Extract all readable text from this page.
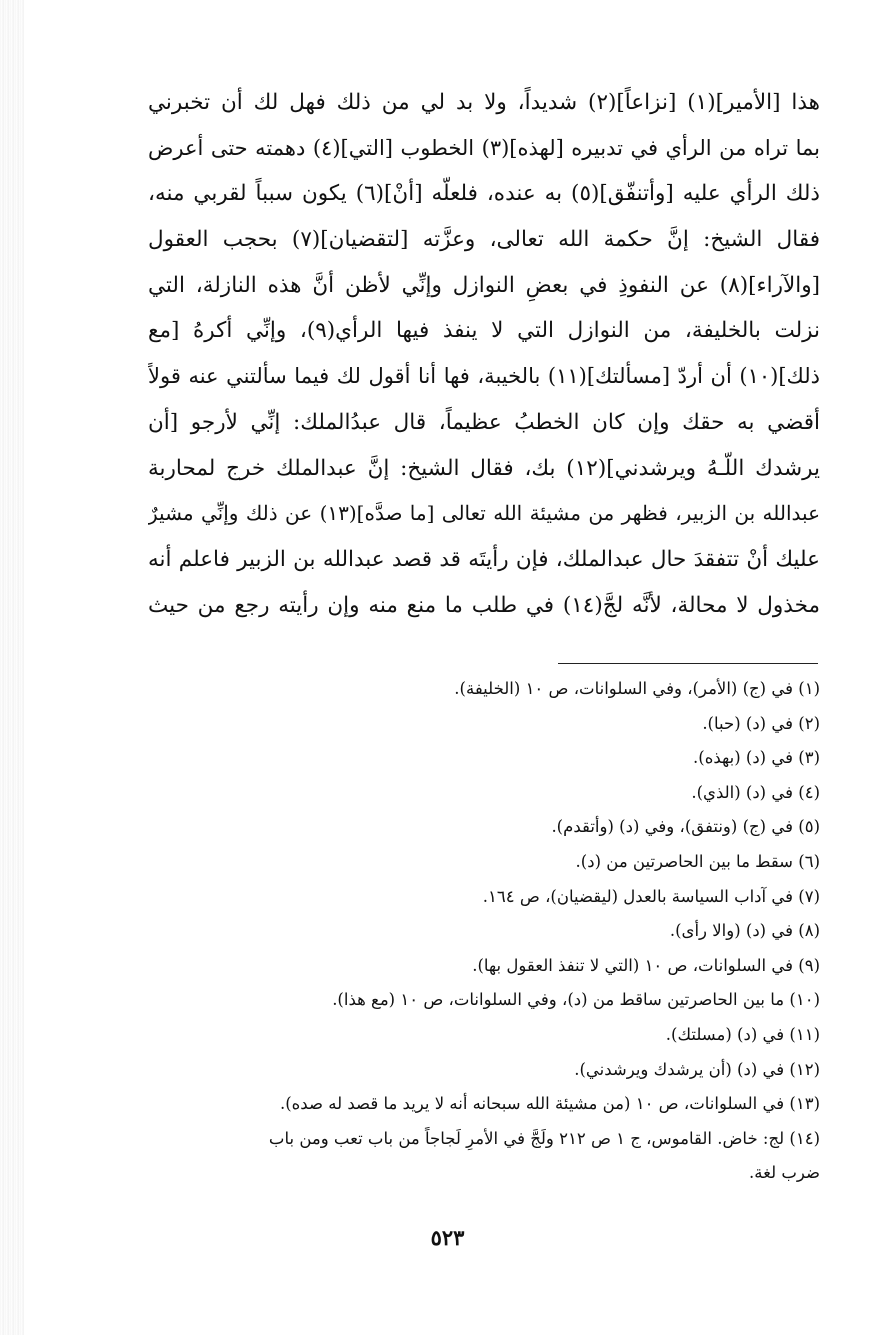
هذا [الأمير](١) [نزاعاً](٢) شديداً، ولا بد لي من ذلك فهل لك أن تخبرني
بما تراه من الرأي في تدبيره [لهذه](٣) الخطوب [التي](٤) دهمته حتى أعرض
ذلك الرأي عليه [وأتنفّق](٥) به عنده، فلعلّه [أنْ](٦) يكون سبباً لقربي منه،
فقال الشيخ: إنَّ حكمة الله تعالى، وعزَّته [لتقضيان](٧) بحجب العقول
[والآراء](٨) عن النفوذِ في بعضِ النوازل وإنِّي لأظن أنَّ هذه النازلة، التي
نزلت بالخليفة، من النوازل التي لا ينفذ فيها الرأي(٩)، وإنِّي أكرهُ [مع
ذلك](١٠) أن أردّ [مسألتك](١١) بالخيبة، فها أنا أقول لك فيما سألتني عنه قولاً
أقضي به حقك وإن كان الخطبُ عظيماً، قال عبدُالملك: إنِّي لأرجو [أن
يرشدك اللّـهُ ويرشدني](١٢) بك، فقال الشيخ: إنَّ عبدالملك خرج لمحاربة
عبدالله بن الزبير، فظهر من مشيئة الله تعالى [ما صدَّه](١٣) عن ذلك وإنِّي مشيرٌ
عليك أنْ تتفقدَ حال عبدالملك، فإن رأيتَه قد قصد عبدالله بن الزبير فاعلم أنه
مخذول لا محالة، لأنَّه لجَّ(١٤) في طلب ما منع منه وإن رأيته رجع من حيث
(١) في (ج) (الأمر)، وفي السلوانات، ص ١٠ (الخليفة).
(٢) في (د) (حبا).
(٣) في (د) (بهذه).
(٤) في (د) (الذي).
(٥) في (ج) (ونتفق)، وفي (د) (وأتقدم).
(٦) سقط ما بين الحاصرتين من (د).
(٧) في آداب السياسة بالعدل (ليقضيان)، ص ١٦٤.
(٨) في (د) (والا رأى).
(٩) في السلوانات، ص ١٠ (التي لا تنفذ العقول بها).
(١٠) ما بين الحاصرتين ساقط من (د)، وفي السلوانات، ص ١٠ (مع هذا).
(١١) في (د) (مسلتك).
(١٢) في (د) (أن يرشدك ويرشدني).
(١٣) في السلوانات، ص ١٠ (من مشيئة الله سبحانه أنه لا يريد ما قصد له صده).
(١٤) لج: خاض. القاموس، ج ١ ص ٢١٢ ولَجَّ في الأمرِ لَجاجاً من باب تعب ومن باب
ضرب لغة.
٥٢٣
